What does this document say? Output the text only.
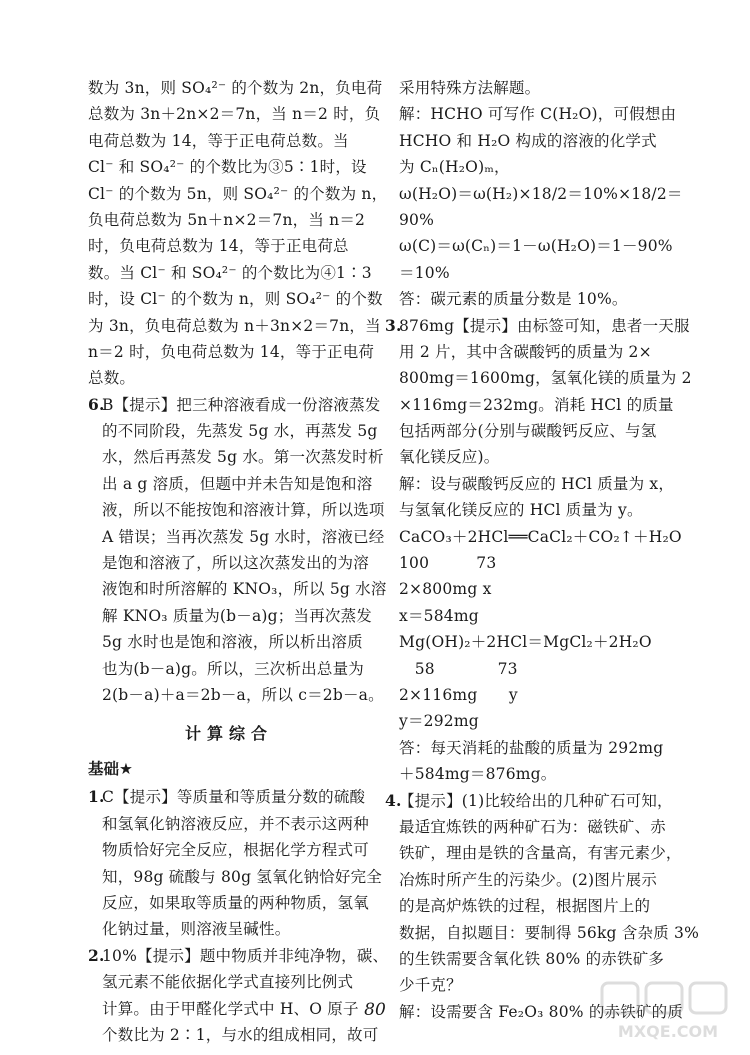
数为 3n，则 SO₄²⁻ 的个数为 2n，负电荷
总数为 3n＋2n×2＝7n，当 n＝2 时，负
电荷总数为 14，等于正电荷总数。当
Cl⁻ 和 SO₄²⁻ 的个数比为③5∶1时，设
Cl⁻ 的个数为 5n，则 SO₄²⁻ 的个数为 n，
负电荷总数为 5n＋n×2＝7n，当 n＝2
时，负电荷总数为 14，等于正电荷总
数。当 Cl⁻ 和 SO₄²⁻ 的个数比为④1∶3
时，设 Cl⁻ 的个数为 n，则 SO₄²⁻ 的个数
为 3n，负电荷总数为 n＋3n×2＝7n，当
n＝2 时，负电荷总数为 14，等于正电荷
总数。
6.B【提示】把三种溶液看成一份溶液蒸发
的不同阶段，先蒸发 5g 水，再蒸发 5g
水，然后再蒸发 5g 水。第一次蒸发时析
出 a g 溶质，但题中并未告知是饱和溶
液，所以不能按饱和溶液计算，所以选项
A 错误；当再次蒸发 5g 水时，溶液已经
是饱和溶液了，所以这次蒸发出的为溶
液饱和时所溶解的 KNO₃，所以 5g 水溶
解 KNO₃ 质量为(b－a)g；当再次蒸发
5g 水时也是饱和溶液，所以析出溶质
也为(b－a)g。所以，三次析出总量为
2(b－a)＋a＝2b－a，所以 c＝2b－a。
计算综合
基础★
1.C【提示】等质量和等质量分数的硫酸
和氢氧化钠溶液反应，并不表示这两种
物质恰好完全反应，根据化学方程式可
知，98g 硫酸与 80g 氢氧化钠恰好完全
反应，如果取等质量的两种物质，氢氧
化钠过量，则溶液呈碱性。
2.10%【提示】题中物质并非纯净物，碳、
氢元素不能依据化学式直接列比例式
计算。由于甲醛化学式中 H、O 原子
个数比为 2∶1，与水的组成相同，故可
采用特殊方法解题。
解：HCHO 可写作 C(H₂O)，可假想由
HCHO 和 H₂O 构成的溶液的化学式
为 Cₙ(H₂O)ₘ，
ω(H₂O)＝ω(H₂)×18/2＝10%×18/2＝
90%
ω(C)＝ω(Cₙ)＝1－ω(H₂O)＝1－90%
＝10%
答：碳元素的质量分数是 10%。
3.876mg【提示】由标签可知，患者一天服
用 2 片，其中含碳酸钙的质量为 2×
800mg＝1600mg，氢氧化镁的质量为 2
×116mg＝232mg。消耗 HCl 的质量
包括两部分(分别与碳酸钙反应、与氢
氧化镁反应)。
解：设与碳酸钙反应的 HCl 质量为 x，
与氢氧化镁反应的 HCl 质量为 y。
CaCO₃＋2HCl══CaCl₂＋CO₂↑＋H₂O
100　　　73
2×800mg x
x＝584mg
Mg(OH)₂＋2HCl＝MgCl₂＋2H₂O
　58　　　　73
2×116mg　　y
y＝292mg
答：每天消耗的盐酸的质量为 292mg
＋584mg＝876mg。
4.【提示】(1)比较给出的几种矿石可知，
最适宜炼铁的两种矿石为：磁铁矿、赤
铁矿，理由是铁的含量高，有害元素少，
冶炼时所产生的污染少。(2)图片展示
的是高炉炼铁的过程，根据图片上的
数据，自拟题目：要制得 56kg 含杂质 3%
的生铁需要含氧化铁 80% 的赤铁矿多
少千克？
解：设需要含 Fe₂O₃ 80% 的赤铁矿的质
80
MXQE.COM
